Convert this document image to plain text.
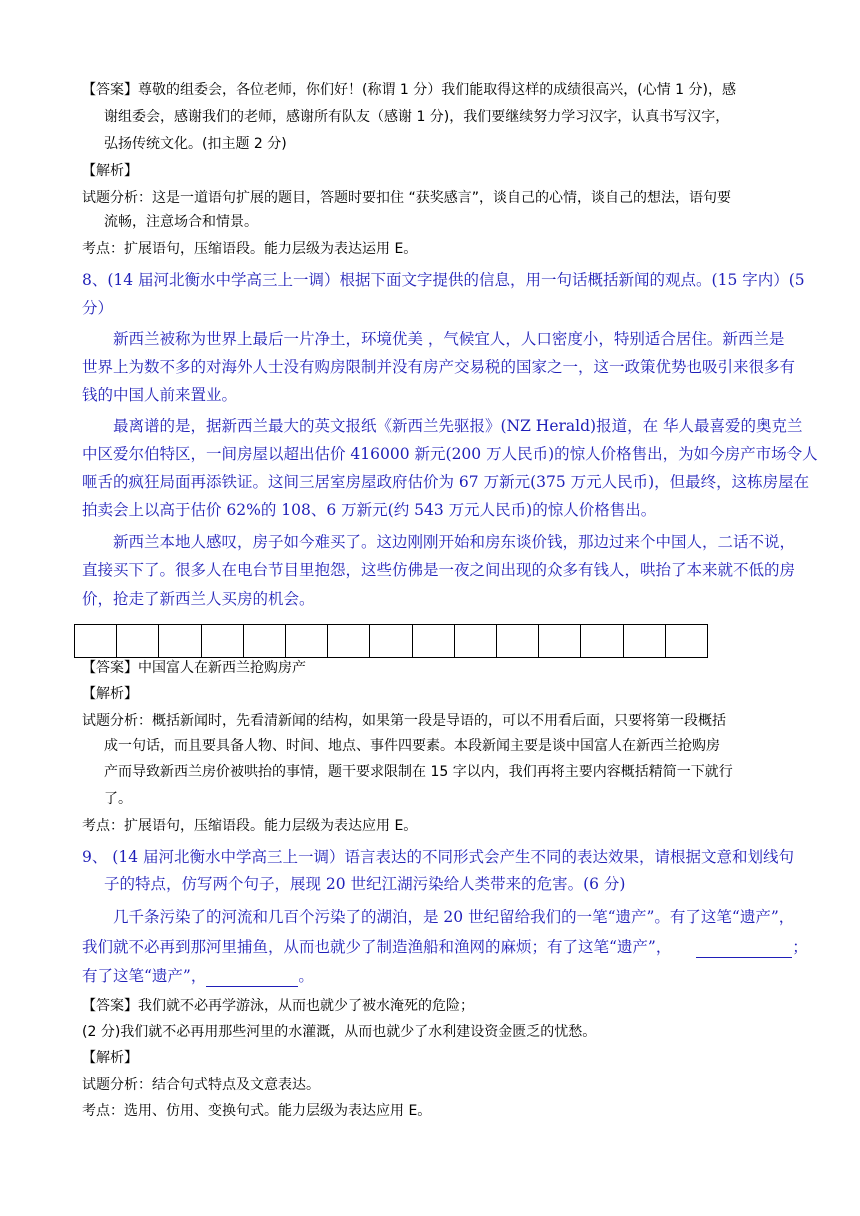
【答案】尊敬的组委会，各位老师，你们好！(称谓 1 分）我们能取得这样的成绩很高兴，(心情 1 分)，感
谢组委会，感谢我们的老师，感谢所有队友（感谢 1 分)，我们要继续努力学习汉字，认真书写汉字，
弘扬传统文化。(扣主题 2 分)
【解析】
试题分析：这是一道语句扩展的题目，答题时要扣住 “获奖感言”，谈自己的心情，谈自己的想法，语句要
流畅，注意场合和情景。
考点：扩展语句，压缩语段。能力层级为表达运用 E。
8、(14 届河北衡水中学高三上一调）根据下面文字提供的信息，用一句话概括新闻的观点。(15 字内）(5
分）
新西兰被称为世界上最后一片净土，环境优美 ，气候宜人，人口密度小，特别适合居住。新西兰是
世界上为数不多的对海外人士没有购房限制并没有房产交易税的国家之一，这一政策优势也吸引来很多有
钱的中国人前来置业。
最离谱的是，据新西兰最大的英文报纸《新西兰先驱报》(NZ Herald)报道，在 华人最喜爱的奥克兰
中区爱尔伯特区，一间房屋以超出估价 416000 新元(200 万人民币)的惊人价格售出，为如今房产市场令人
咂舌的疯狂局面再添铁证。这间三居室房屋政府估价为 67 万新元(375 万元人民币)，但最终，这栋房屋在
拍卖会上以高于估价 62%的 108、6 万新元(约 543 万元人民币)的惊人价格售出。
新西兰本地人感叹，房子如今难买了。这边刚刚开始和房东谈价钱，那边过来个中国人，二话不说，
直接买下了。很多人在电台节目里抱怨，这些仿佛是一夜之间出现的众多有钱人，哄抬了本来就不低的房
价，抢走了新西兰人买房的机会。
【答案】中国富人在新西兰抢购房产
【解析】
试题分析：概括新闻时，先看清新闻的结构，如果第一段是导语的，可以不用看后面，只要将第一段概括
成一句话，而且要具备人物、时间、地点、事件四要素。本段新闻主要是谈中国富人在新西兰抢购房
产而导致新西兰房价被哄抬的事情，题干要求限制在 15 字以内，我们再将主要内容概括精简一下就行
了。
考点：扩展语句，压缩语段。能力层级为表达应用 E。
9、 (14 届河北衡水中学高三上一调）语言表达的不同形式会产生不同的表达效果，请根据文意和划线句
子的特点，仿写两个句子，展现 20 世纪江湖污染给人类带来的危害。(6 分)
几千条污染了的河流和几百个污染了的湖泊，是 20 世纪留给我们的一笔“遗产”。有了这笔“遗产”，
我们就不必再到那河里捕鱼，从而也就少了制造渔船和渔网的麻烦；有了这笔“遗产”，	；
有了这笔“遗产”，	。
【答案】我们就不必再学游泳，从而也就少了被水淹死的危险；
(2 分)我们就不必再用那些河里的水灌溉，从而也就少了水利建设资金匮乏的忧愁。
【解析】
试题分析：结合句式特点及文意表达。
考点：选用、仿用、变换句式。能力层级为表达应用 E。
